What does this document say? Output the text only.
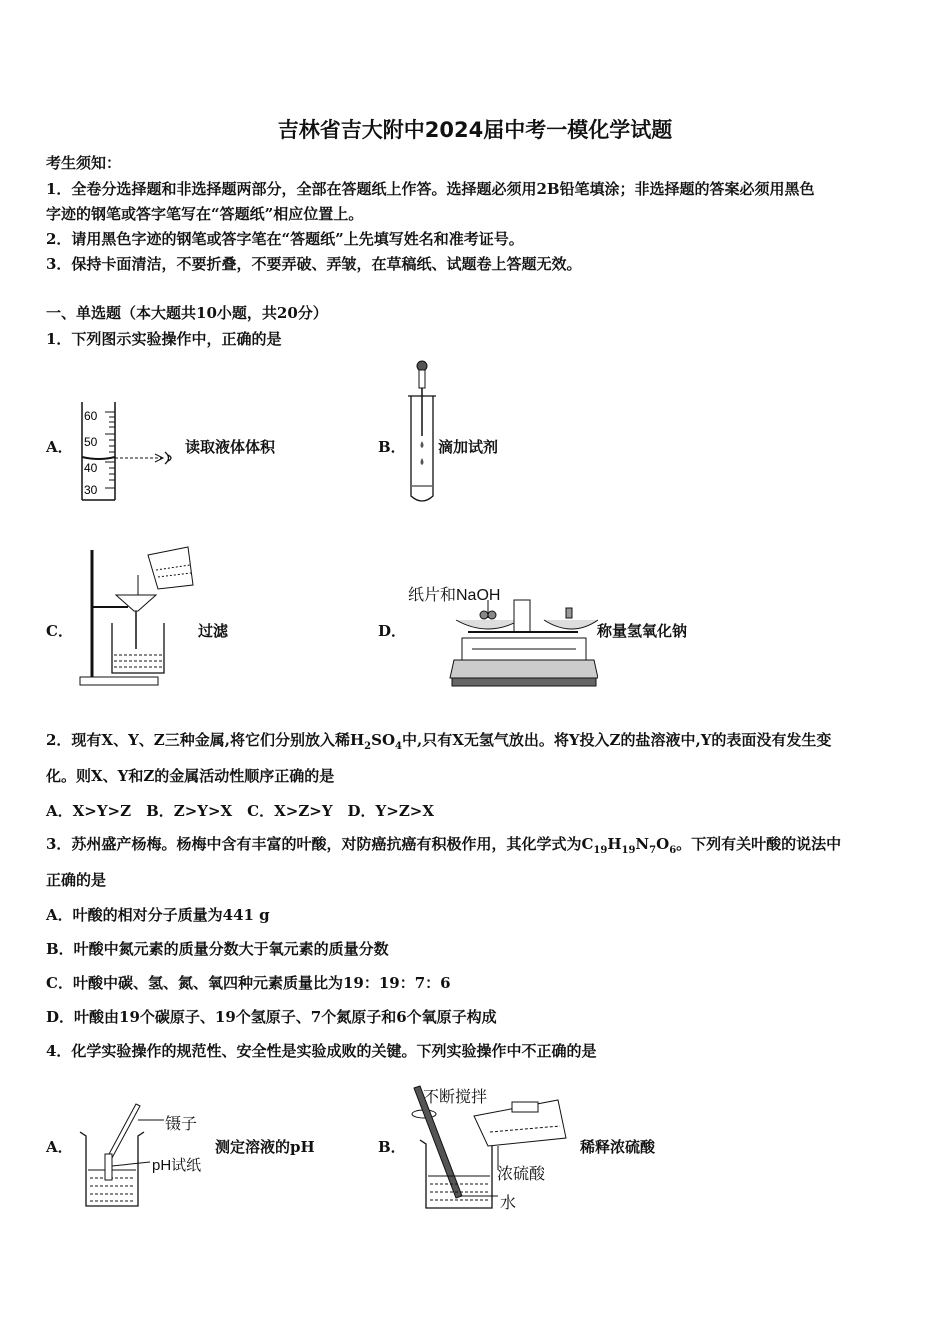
吉林省吉大附中2024届中考一模化学试题
考生须知：
1．全卷分选择题和非选择题两部分，全部在答题纸上作答。选择题必须用2B铅笔填涂；非选择题的答案必须用黑色
字迹的钢笔或答字笔写在“答题纸”相应位置上。
2．请用黑色字迹的钢笔或答字笔在“答题纸”上先填写姓名和准考证号。
3．保持卡面清洁，不要折叠，不要弄破、弄皱，在草稿纸、试题卷上答题无效。
一、单选题（本大题共10小题，共20分）
1．下列图示实验操作中，正确的是
A．
60
50
40
30
读取液体体积	B． 滴加试剂
C．	过滤	D．
纸片和NaOH
称量氢氧化钠
2．现有X、Y、Z三种金属,将它们分别放入稀$H_2SO_4$中,只有X无氢气放出。将Y投入Z的盐溶液中,Y的表面没有发生变
化。则X、Y和Z的金属活动性顺序正确的是
A．X>Y>Z　B．Z>Y>X　C．X>Z>Y　D．Y>Z>X
3．苏州盛产杨梅。杨梅中含有丰富的叶酸，对防癌抗癌有积极作用，其化学式为$C_{19}H_{19}N_7O_6$。下列有关叶酸的说法中
正确的是
A．叶酸的相对分子质量为441 g
B．叶酸中氮元素的质量分数大于氧元素的质量分数
C．叶酸中碳、氢、氮、氧四种元素质量比为19：19：7：6
D．叶酸由19个碳原子、19个氢原子、7个氮原子和6个氧原子构成
4．化学实验操作的规范性、安全性是实验成败的关键。下列实验操作中不正确的是
A．
镊子
pH试纸
测定溶液的pH	B．
不断搅拌
浓硫酸
水
稀释浓硫酸
